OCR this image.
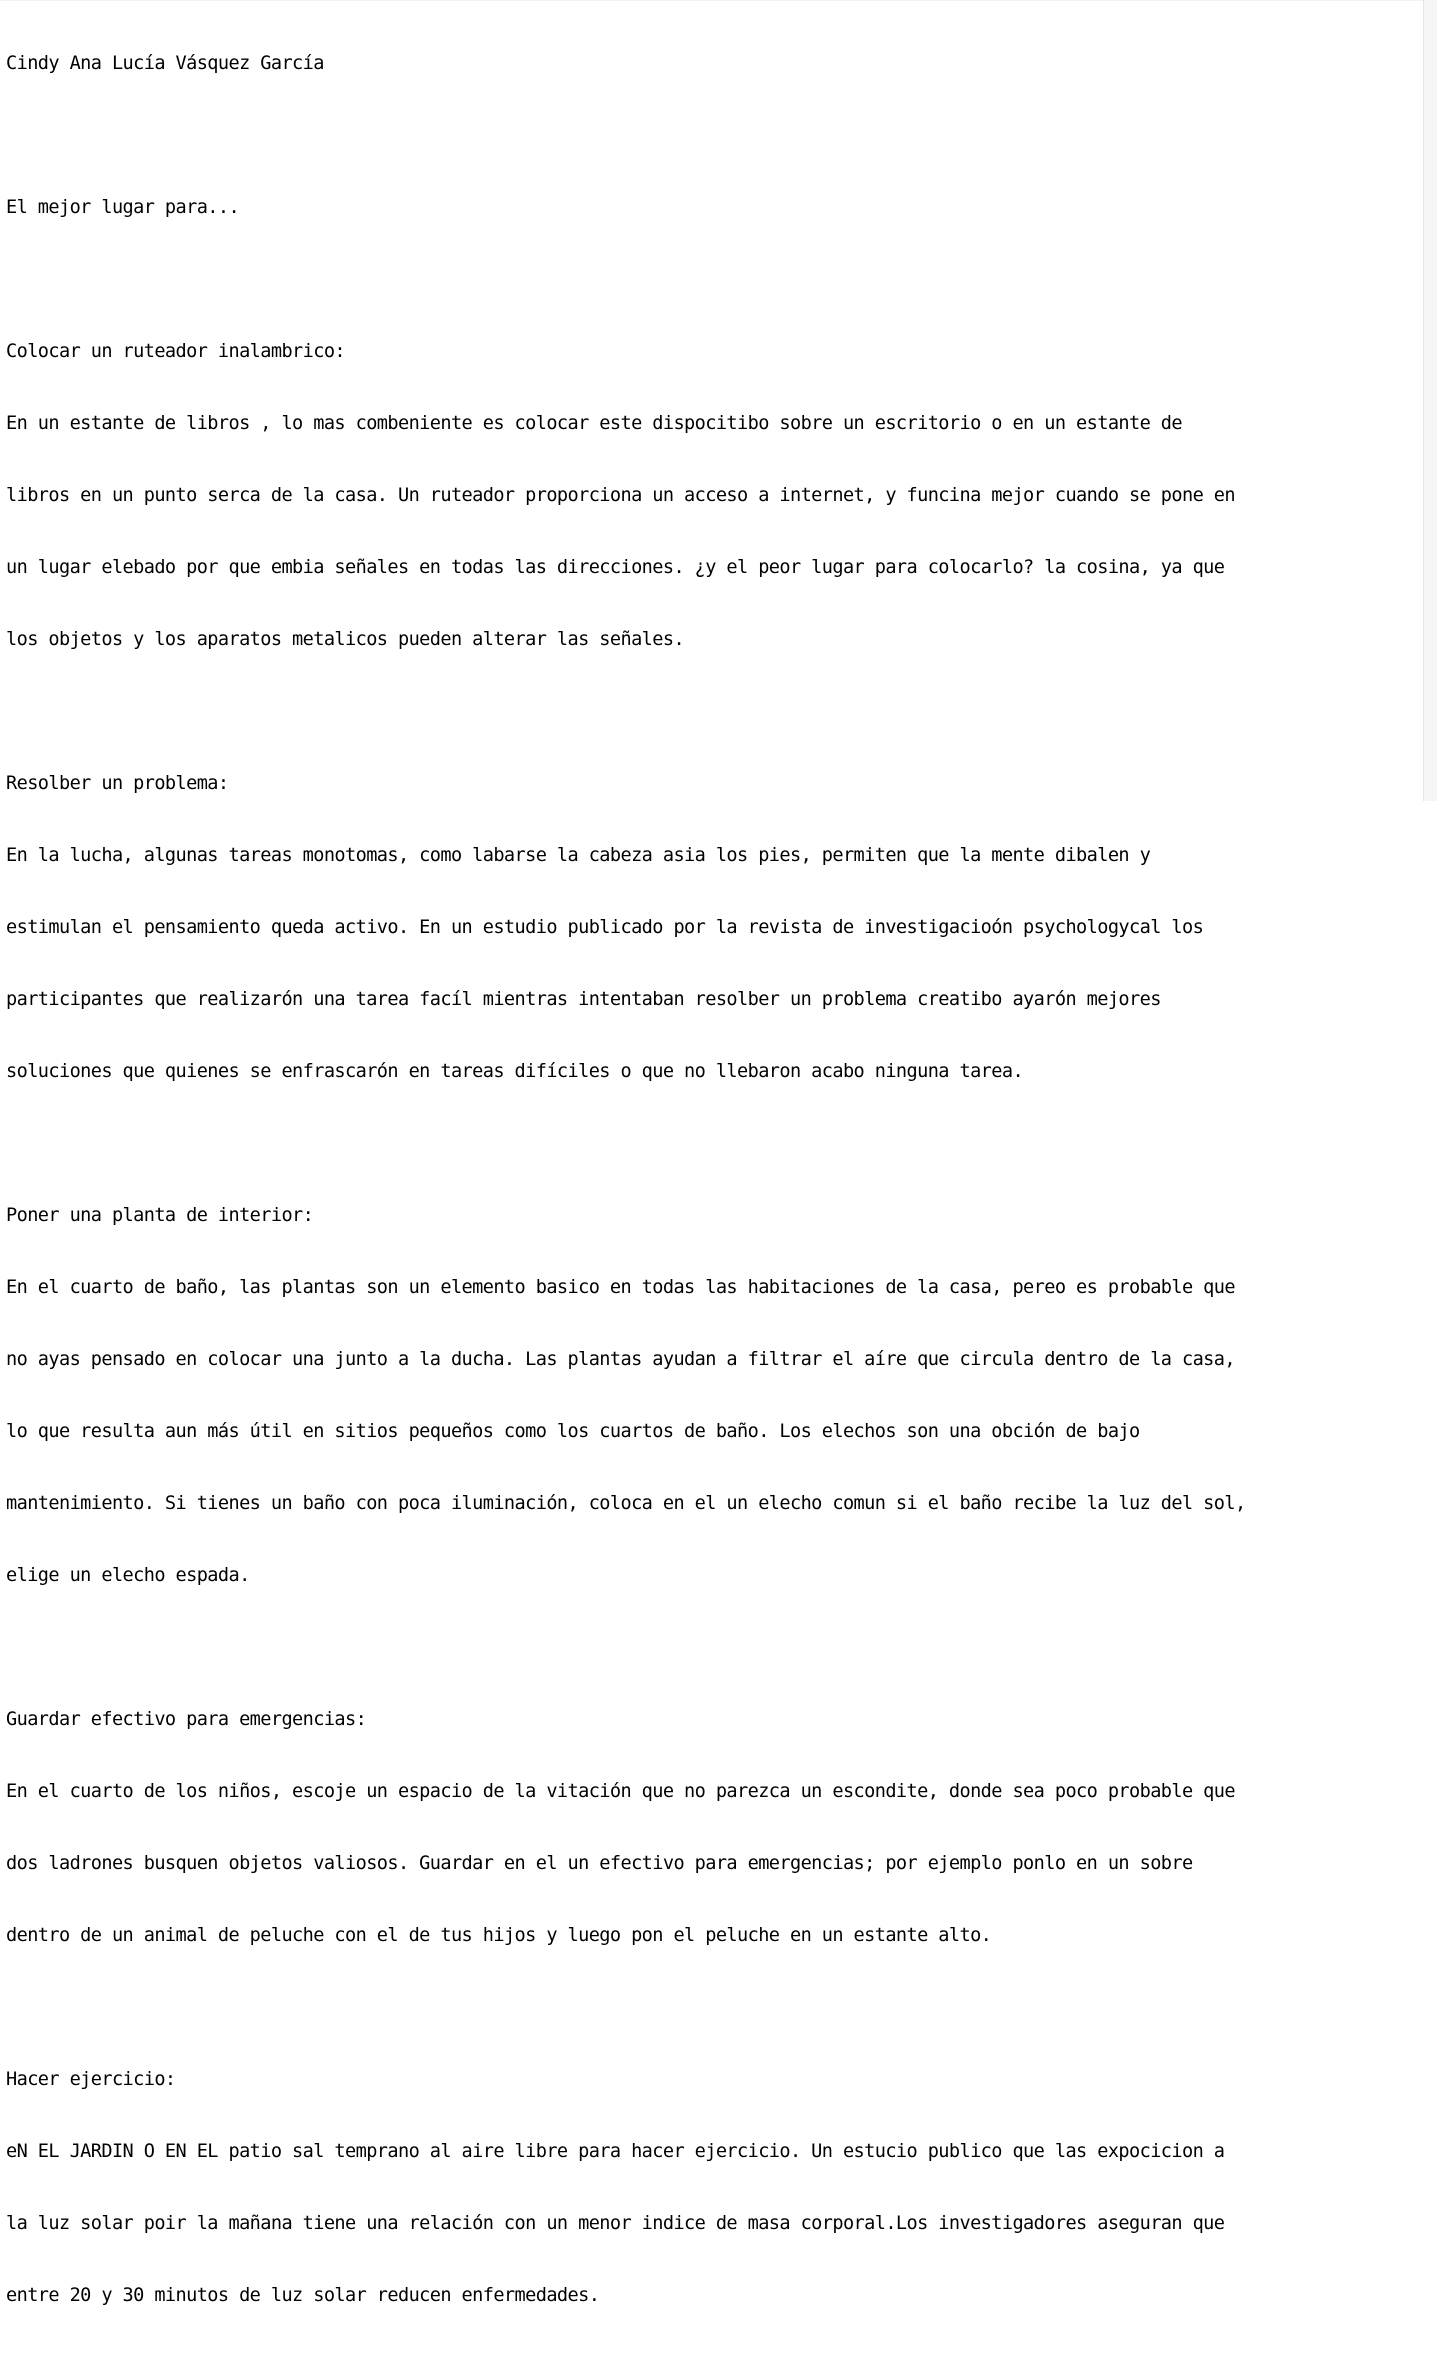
Cindy Ana Lucía Vásquez García

El mejor lugar para...

Colocar un ruteador inalambrico:

En un estante de libros , lo mas combeniente es colocar este dispocitibo sobre un escritorio o en un estante de

libros en un punto serca de la casa. Un ruteador proporciona un acceso a internet, y funcina mejor cuando se pone en

un lugar elebado por que embia señales en todas las direcciones. ¿y el peor lugar para colocarlo? la cosina, ya que

los objetos y los aparatos metalicos pueden alterar las señales.

Resolber un problema:

En la lucha, algunas tareas monotomas, como labarse la cabeza asia los pies, permiten que la mente dibalen y

estimulan el pensamiento queda activo. En un estudio publicado por la revista de investigacioón psychologycal los

participantes que realizarón una tarea facíl mientras intentaban resolber un problema creatibo ayarón mejores

soluciones que quienes se enfrascarón en tareas difíciles o que no llebaron acabo ninguna tarea.

Poner una planta de interior:

En el cuarto de baño, las plantas son un elemento basico en todas las habitaciones de la casa, pereo es probable que

no ayas pensado en colocar una junto a la ducha. Las plantas ayudan a filtrar el aíre que circula dentro de la casa,

lo que resulta aun más útil en sitios pequeños como los cuartos de baño. Los elechos son una obción de bajo

mantenimiento. Si tienes un baño con poca iluminación, coloca en el un elecho comun si el baño recibe la luz del sol,

elige un elecho espada.

Guardar efectivo para emergencias:

En el cuarto de los niños, escoje un espacio de la vitación que no parezca un escondite, donde sea poco probable que

dos ladrones busquen objetos valiosos. Guardar en el un efectivo para emergencias; por ejemplo ponlo en un sobre

dentro de un animal de peluche con el de tus hijos y luego pon el peluche en un estante alto.

Hacer ejercicio:

eN EL JARDIN O EN EL patio sal temprano al aire libre para hacer ejercicio. Un estucio publico que las expocicion a

la luz solar poir la mañana tiene una relación con un menor indice de masa corporal.Los investigadores aseguran que

entre 20 y 30 minutos de luz solar reducen enfermedades.
